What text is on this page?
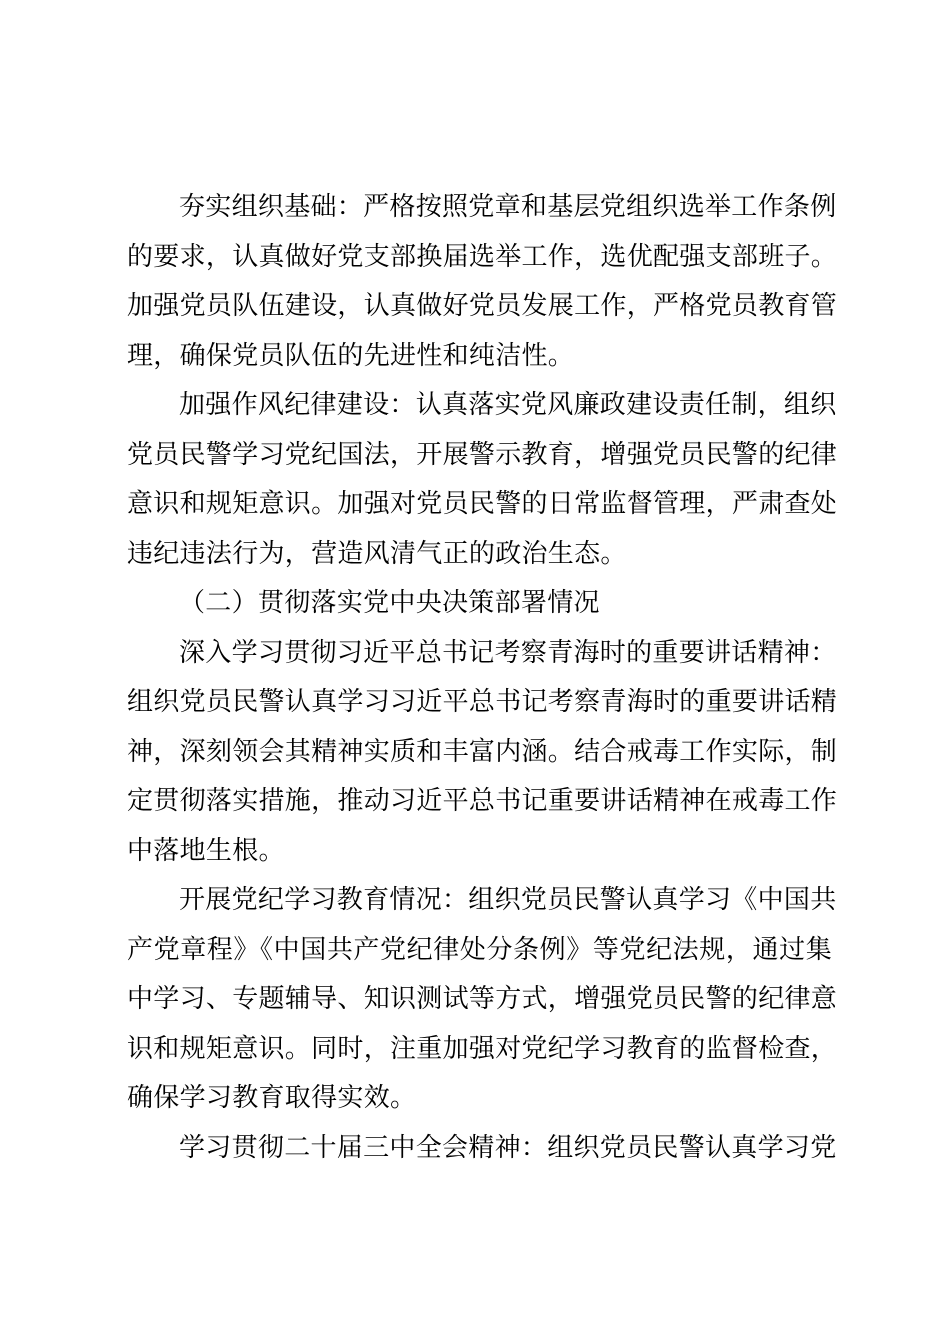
夯实组织基础：严格按照党章和基层党组织选举工作条例
的要求，认真做好党支部换届选举工作，选优配强支部班子。
加强党员队伍建设，认真做好党员发展工作，严格党员教育管
理，确保党员队伍的先进性和纯洁性。
加强作风纪律建设：认真落实党风廉政建设责任制，组织
党员民警学习党纪国法，开展警示教育，增强党员民警的纪律
意识和规矩意识。加强对党员民警的日常监督管理，严肃查处
违纪违法行为，营造风清气正的政治生态。
（二）贯彻落实党中央决策部署情况
深入学习贯彻习近平总书记考察青海时的重要讲话精神：
组织党员民警认真学习习近平总书记考察青海时的重要讲话精
神，深刻领会其精神实质和丰富内涵。结合戒毒工作实际，制
定贯彻落实措施，推动习近平总书记重要讲话精神在戒毒工作
中落地生根。
开展党纪学习教育情况：组织党员民警认真学习《中国共
产党章程》《中国共产党纪律处分条例》等党纪法规，通过集
中学习、专题辅导、知识测试等方式，增强党员民警的纪律意
识和规矩意识。同时，注重加强对党纪学习教育的监督检查，
确保学习教育取得实效。
学习贯彻二十届三中全会精神：组织党员民警认真学习党
